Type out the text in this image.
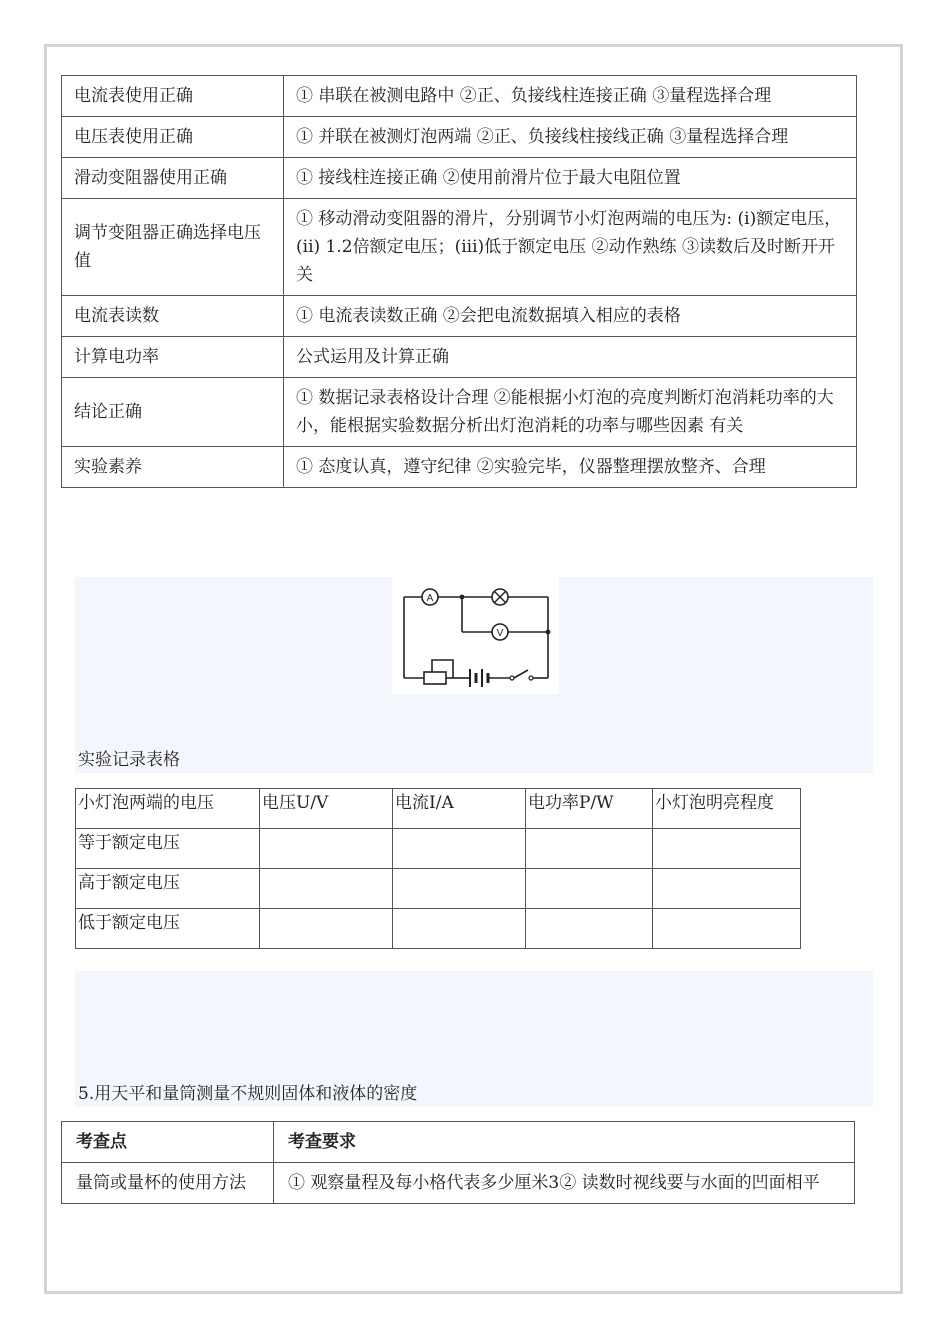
电流表使用正确	① 串联在被测电路中 ②正、负接线柱连接正确 ③量程选择合理
电压表使用正确	① 并联在被测灯泡两端 ②正、负接线柱接线正确 ③量程选择合理
滑动变阻器使用正确	① 接线柱连接正确 ②使用前滑片位于最大电阻位置
调节变阻器正确选择电压值	① 移动滑动变阻器的滑片，分别调节小灯泡两端的电压为: (i)额定电压，(ii) 1.2倍额定电压；(iii)低于额定电压 ②动作熟练 ③读数后及时断开开关
电流表读数	① 电流表读数正确 ②会把电流数据填入相应的表格
计算电功率	公式运用及计算正确
结论正确	① 数据记录表格设计合理 ②能根据小灯泡的亮度判断灯泡消耗功率的大小，能根据实验数据分析出灯泡消耗的功率与哪些因素 有关
实验素养	① 态度认真，遵守纪律 ②实验完毕，仪器整理摆放整齐、合理
A
V
实验记录表格
小灯泡两端的电压	电压U/V	电流I/A	电功率P/W	小灯泡明亮程度
等于额定电压				
高于额定电压				
低于额定电压				
5.用天平和量筒测量不规则固体和液体的密度
考查点	考查要求
量筒或量杯的使用方法	① 观察量程及每小格代表多少厘米3② 读数时视线要与水面的凹面相平
